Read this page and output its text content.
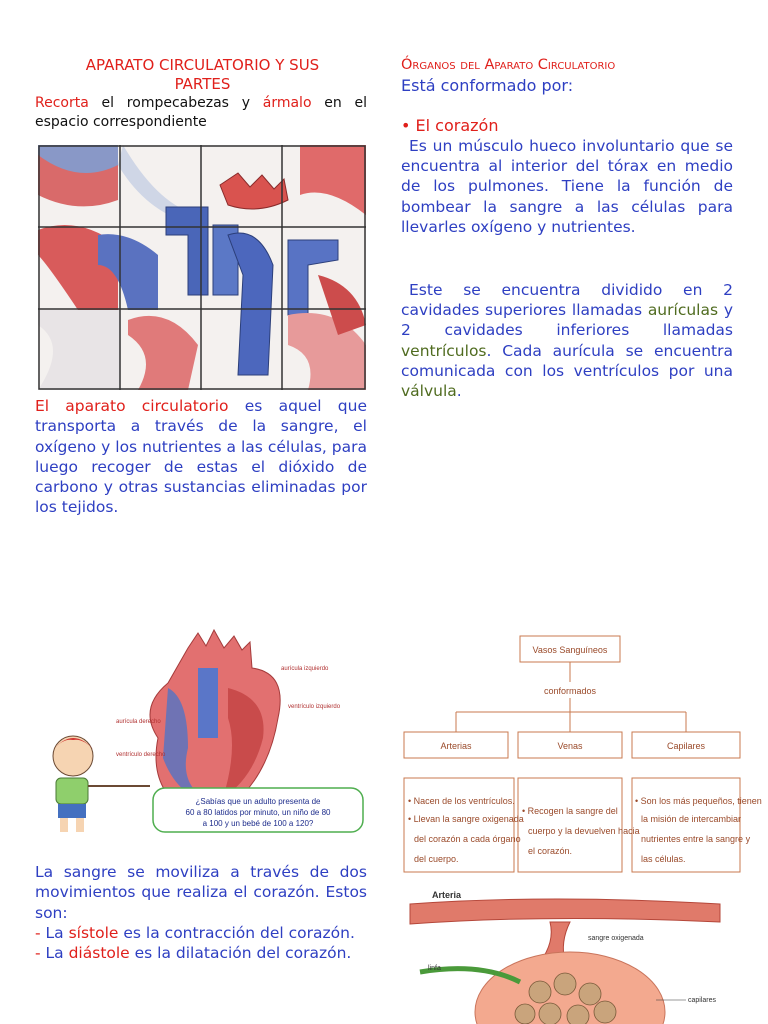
APARATO CIRCULATORIO Y SUS
PARTES
Recorta el rompecabezas y ármalo en el espacio correspondiente
El aparato circulatorio es aquel que transporta a través de la sangre, el oxígeno y los nutrientes a las células, para luego recoger de estas el dióxido de carbono y otras sustancias eliminadas por los tejidos.
aurícula izquierdo
ventrículo izquierdo
aurícula derecho
ventrículo derecho
¿Sabías que un adulto presenta de
60 a 80 latidos por minuto, un niño de 80
a 100 y un bebé de 100 a 120?
La sangre se moviliza a través de dos movimientos que realiza el corazón. Estos son:
- La sístole es la contracción del corazón.
- La diástole es la dilatación del corazón.
Órganos del Aparato Circulatorio
Está conformado por:
• El corazón
Es un músculo hueco involuntario que se encuentra al interior del tórax en medio de los pulmones. Tiene la función de bombear la sangre a las células para llevarles oxígeno y nutrientes.
Este se encuentra dividido en 2 cavidades superiores llamadas aurículas y 2 cavidades inferiores llamadas ventrículos. Cada aurícula se encuentra comunicada con los ventrículos por una válvula.
Vasos Sanguíneos
conformados
Arterias	Venas	Capilares
• Nacen de los ventrículos.
• Llevan la sangre oxigenada
del corazón a cada órgano
del cuerpo.
• Recogen la sangre del
cuerpo y la devuelven hacia
el corazón.
• Son los más pequeños, tienen
la misión de intercambiar
nutrientes entre la sangre y
las células.
Arteria
sangre oxigenada
linfa
capilares
